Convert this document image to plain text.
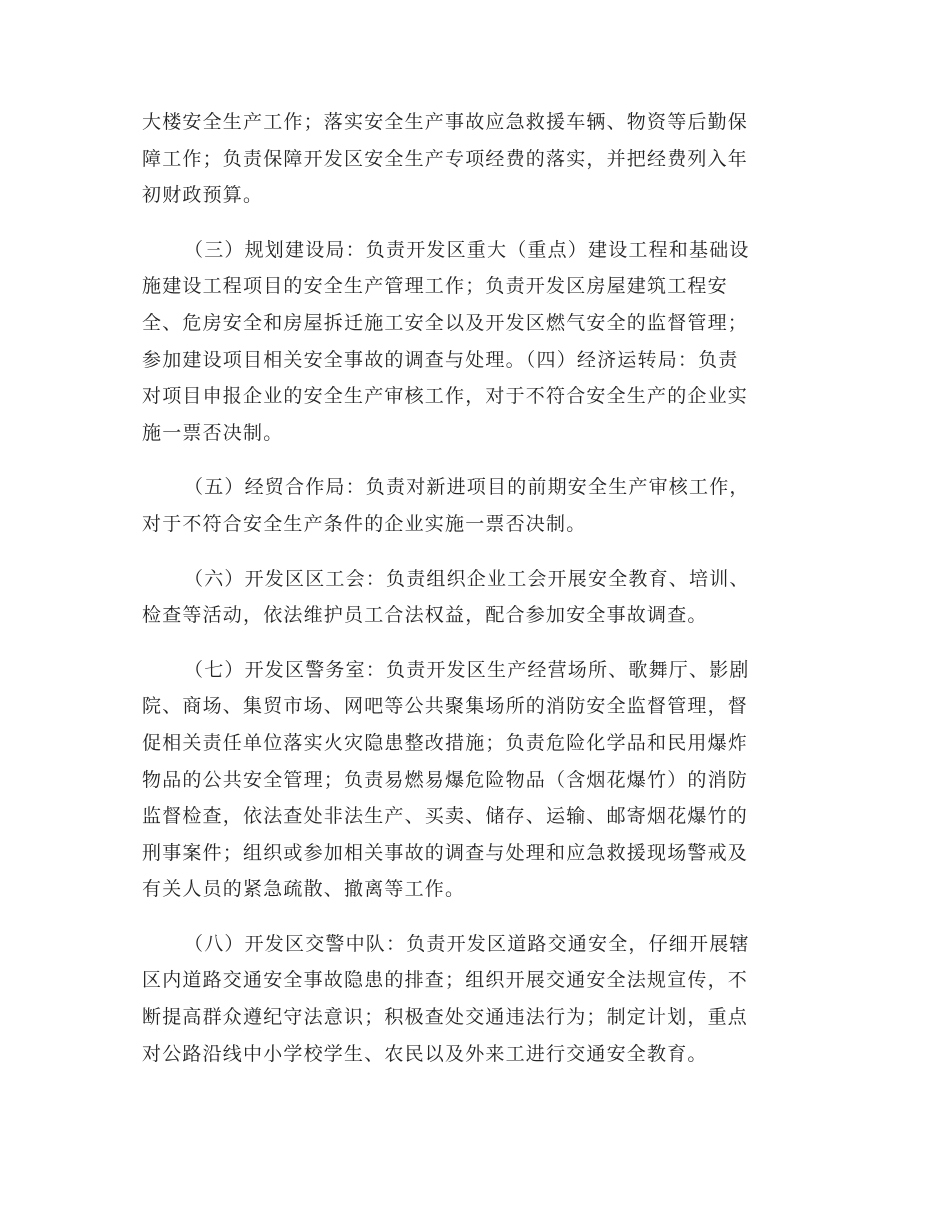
大楼安全生产工作；落实安全生产事故应急救援车辆、物资等后勤保
障工作；负责保障开发区安全生产专项经费的落实，并把经费列入年
初财政预算。
（三）规划建设局：负责开发区重大（重点）建设工程和基础设
施建设工程项目的安全生产管理工作；负责开发区房屋建筑工程安
全、危房安全和房屋拆迁施工安全以及开发区燃气安全的监督管理；
参加建设项目相关安全事故的调查与处理。（四）经济运转局：负责
对项目申报企业的安全生产审核工作，对于不符合安全生产的企业实
施一票否决制。
（五）经贸合作局：负责对新进项目的前期安全生产审核工作，
对于不符合安全生产条件的企业实施一票否决制。
（六）开发区区工会：负责组织企业工会开展安全教育、培训、
检查等活动，依法维护员工合法权益，配合参加安全事故调查。
（七）开发区警务室：负责开发区生产经营场所、歌舞厅、影剧
院、商场、集贸市场、网吧等公共聚集场所的消防安全监督管理，督
促相关责任单位落实火灾隐患整改措施；负责危险化学品和民用爆炸
物品的公共安全管理；负责易燃易爆危险物品（含烟花爆竹）的消防
监督检查，依法查处非法生产、买卖、储存、运输、邮寄烟花爆竹的
刑事案件；组织或参加相关事故的调查与处理和应急救援现场警戒及
有关人员的紧急疏散、撤离等工作。
（八）开发区交警中队：负责开发区道路交通安全，仔细开展辖
区内道路交通安全事故隐患的排查；组织开展交通安全法规宣传，不
断提高群众遵纪守法意识；积极查处交通违法行为；制定计划，重点
对公路沿线中小学校学生、农民以及外来工进行交通安全教育。
